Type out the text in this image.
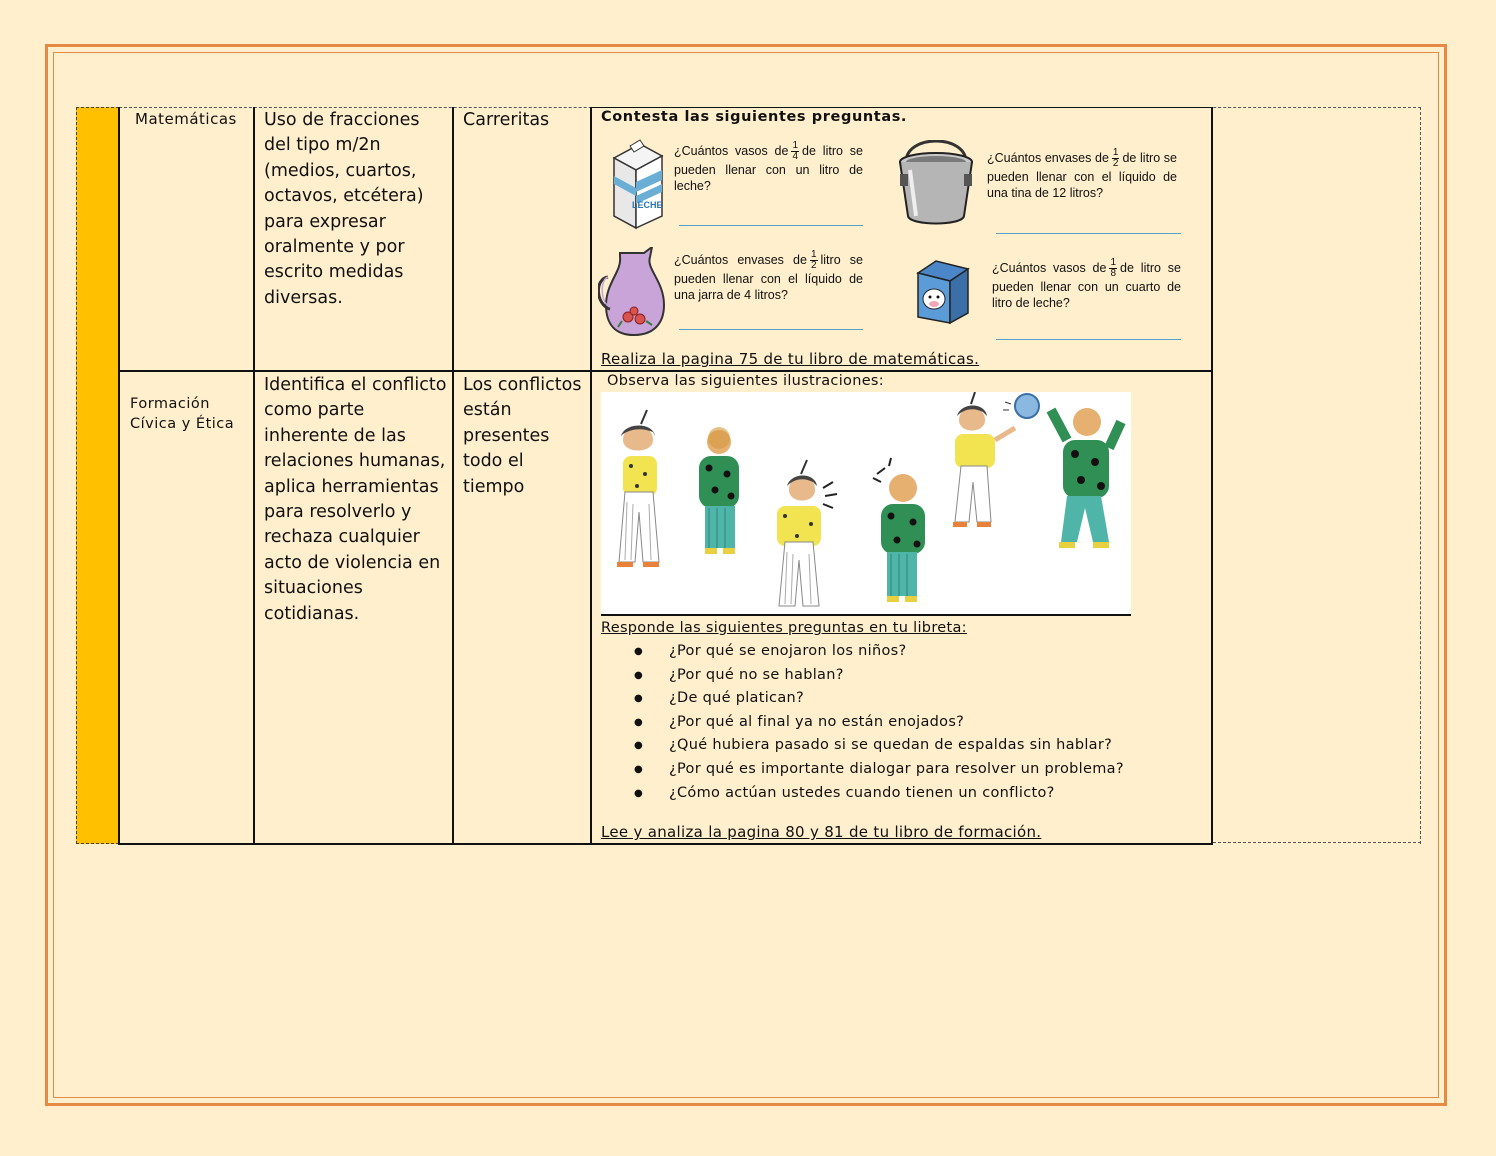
Matemáticas Uso de fracciones del tipo m/2n (medios, cuartos, octavos, etcétera) para expresar oralmente y por escrito medidas diversas.
Carreritas	Contesta las siguientes preguntas.
LECHE
¿Cuántos vasos de $\frac{1}{4}$ de litro se pueden llenar con un litro de leche?
¿Cuántos envases de $\frac{1}{2}$ de litro se pueden llenar con el líquido de una tina de 12 litros?
¿Cuántos envases de $\frac{1}{2}$ litro se pueden llenar con el líquido de una jarra de 4 litros?
¿Cuántos vasos de $\frac{1}{8}$ de litro se pueden llenar con un cuarto de litro de leche?
Realiza la pagina 75 de tu libro de matemáticas.
Formación
Cívica y Ética
Identifica el conflicto como parte inherente de las relaciones humanas, aplica herramientas para resolverlo y rechaza cualquier acto de violencia en situaciones cotidianas.
Los conflictos están presentes todo el tiempo
Observa las siguientes ilustraciones:
Responde las siguientes preguntas en tu libreta:
● ¿Por qué se enojaron los niños?
● ¿Por qué no se hablan?
● ¿De qué platican?
● ¿Por qué al final ya no están enojados?
● ¿Qué hubiera pasado si se quedan de espaldas sin hablar?
● ¿Por qué es importante dialogar para resolver un problema?
● ¿Cómo actúan ustedes cuando tienen un conflicto?
Lee y analiza la pagina 80 y 81 de tu libro de formación.
